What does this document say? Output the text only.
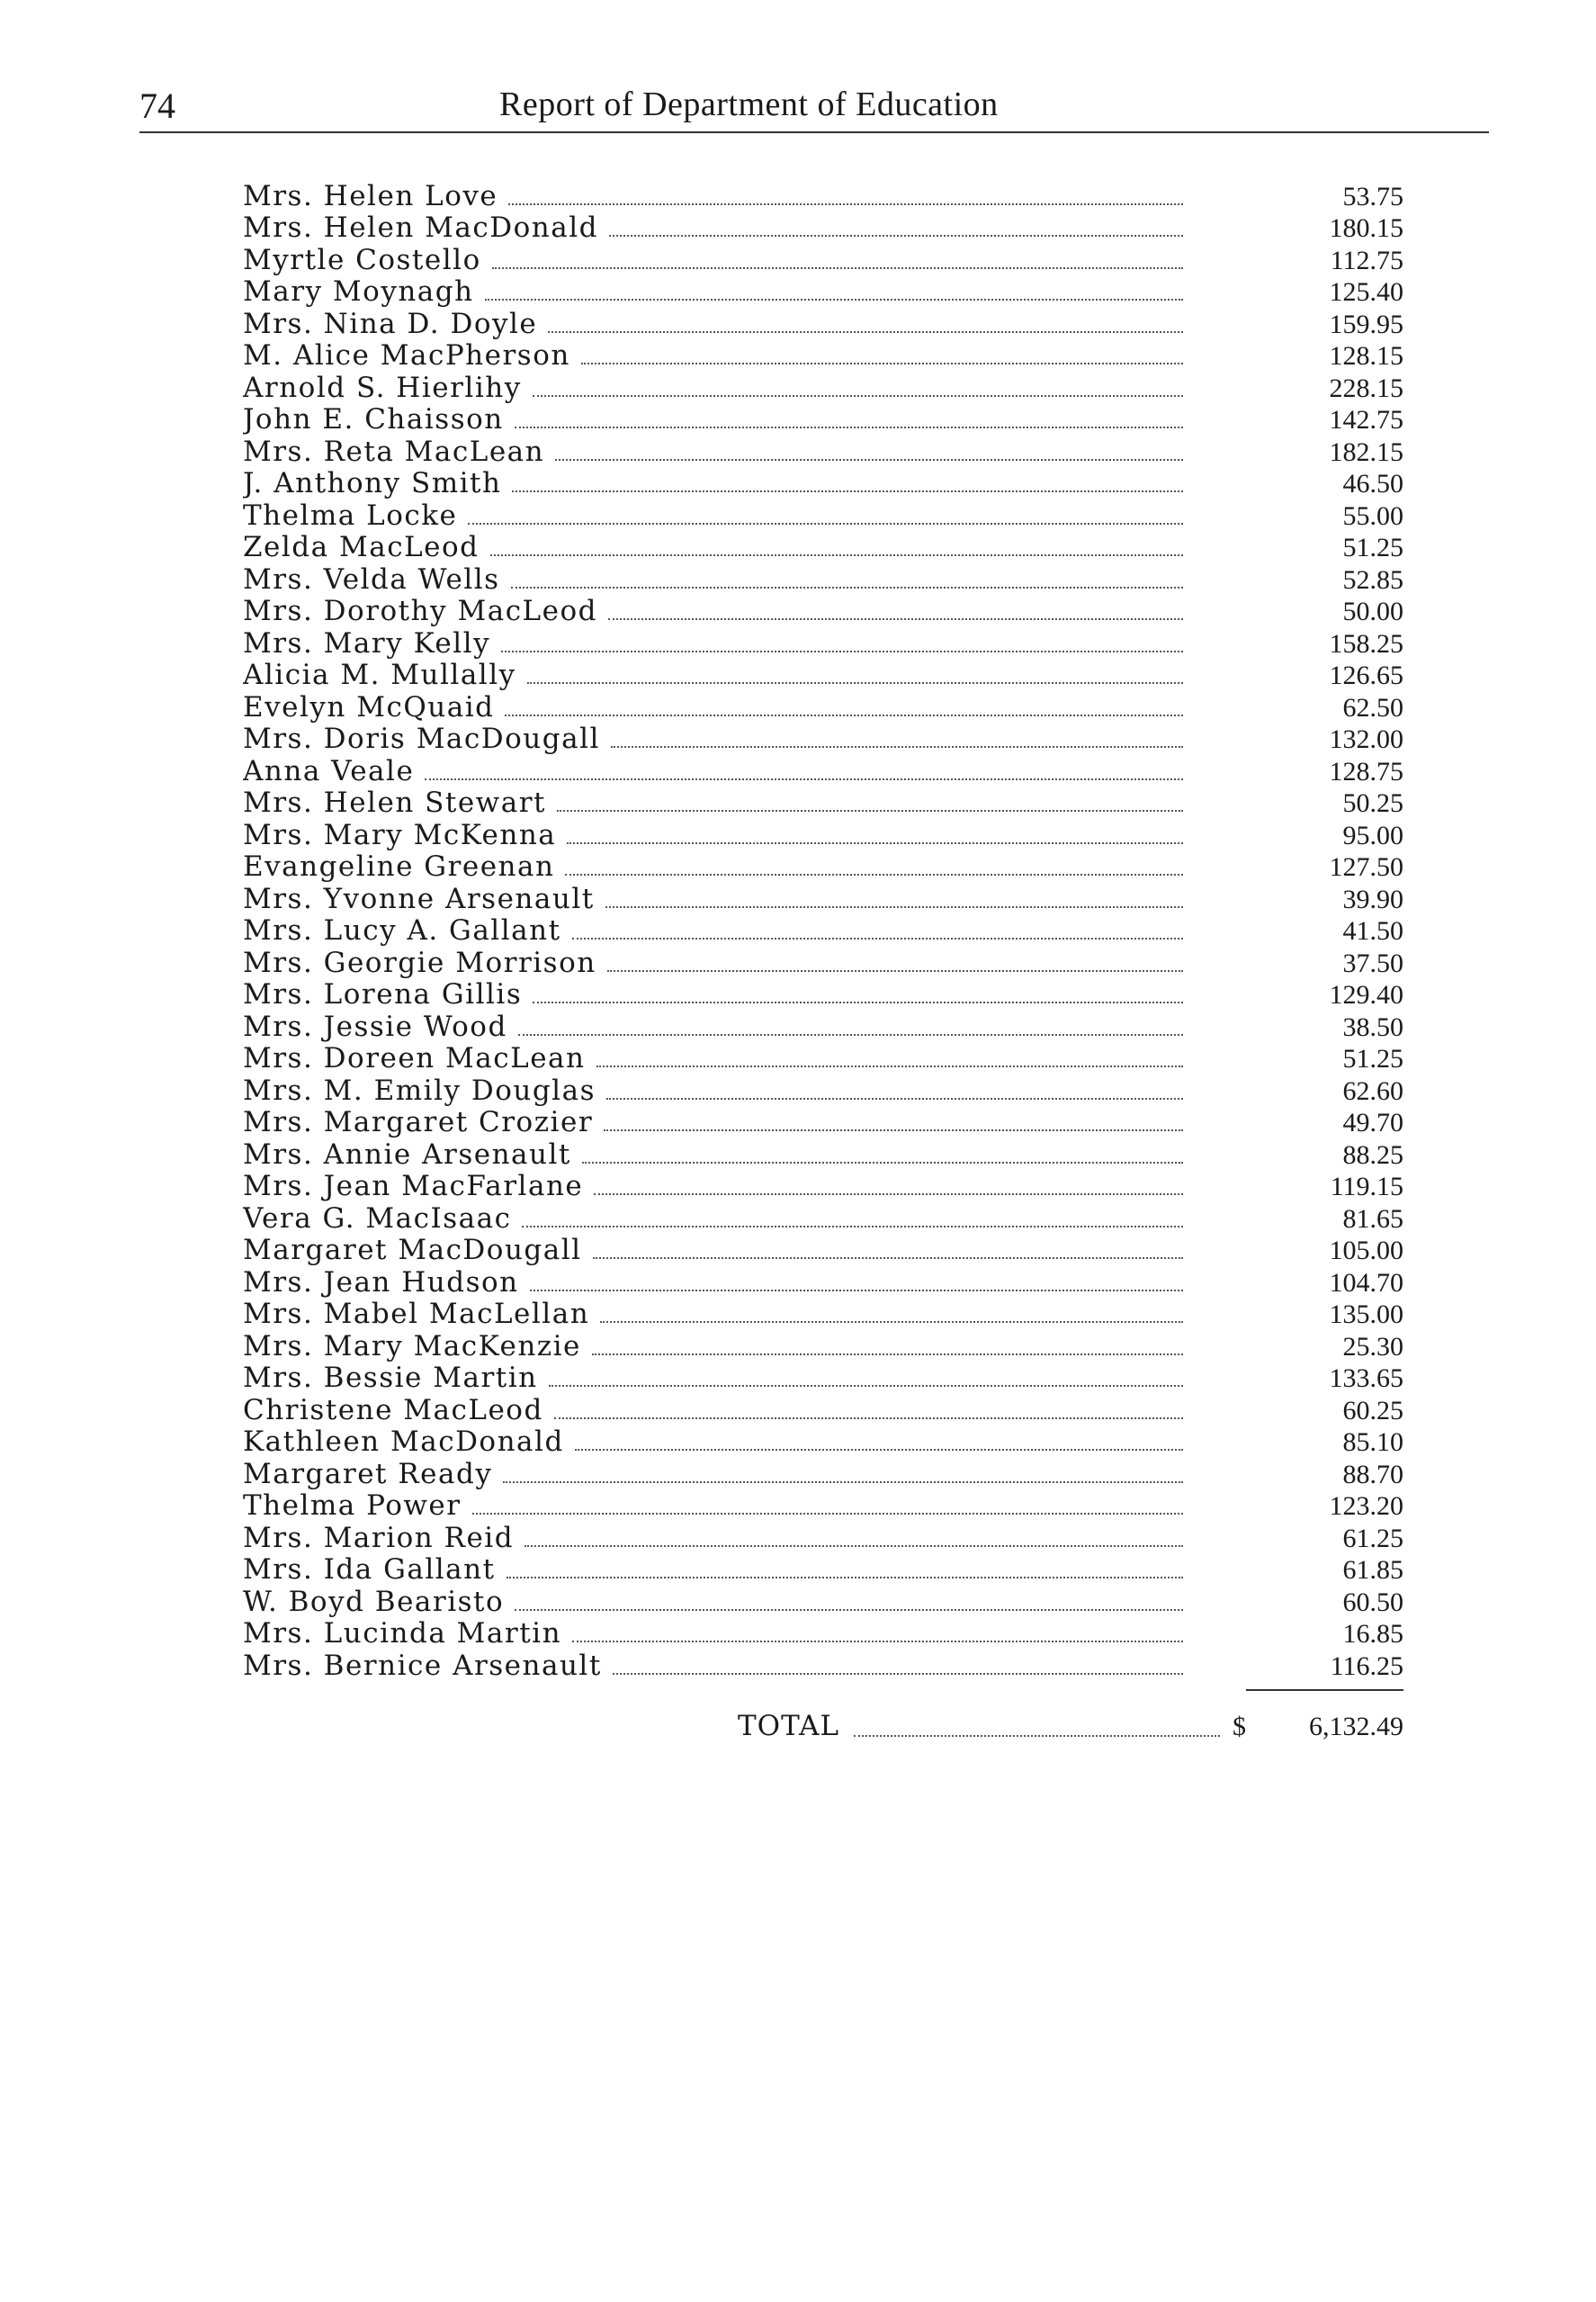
74	Report of Department of Education
Mrs. Helen Love	53.75
Mrs. Helen MacDonald	180.15
Myrtle Costello	112.75
Mary Moynagh	125.40
Mrs. Nina D. Doyle	159.95
M. Alice MacPherson	128.15
Arnold S. Hierlihy	228.15
John E. Chaisson	142.75
Mrs. Reta MacLean	182.15
J. Anthony Smith	46.50
Thelma Locke	55.00
Zelda MacLeod	51.25
Mrs. Velda Wells	52.85
Mrs. Dorothy MacLeod	50.00
Mrs. Mary Kelly	158.25
Alicia M. Mullally	126.65
Evelyn McQuaid	62.50
Mrs. Doris MacDougall	132.00
Anna Veale	128.75
Mrs. Helen Stewart	50.25
Mrs. Mary McKenna	95.00
Evangeline Greenan	127.50
Mrs. Yvonne Arsenault	39.90
Mrs. Lucy A. Gallant	41.50
Mrs. Georgie Morrison	37.50
Mrs. Lorena Gillis	129.40
Mrs. Jessie Wood	38.50
Mrs. Doreen MacLean	51.25
Mrs. M. Emily Douglas	62.60
Mrs. Margaret Crozier	49.70
Mrs. Annie Arsenault	88.25
Mrs. Jean MacFarlane	119.15
Vera G. MacIsaac	81.65
Margaret MacDougall	105.00
Mrs. Jean Hudson	104.70
Mrs. Mabel MacLellan	135.00
Mrs. Mary MacKenzie	25.30
Mrs. Bessie Martin	133.65
Christene MacLeod	60.25
Kathleen MacDonald	85.10
Margaret Ready	88.70
Thelma Power	123.20
Mrs. Marion Reid	61.25
Mrs. Ida Gallant	61.85
W. Boyd Bearisto	60.50
Mrs. Lucinda Martin	16.85
Mrs. Bernice Arsenault	116.25
TOTAL	$	6,132.49
